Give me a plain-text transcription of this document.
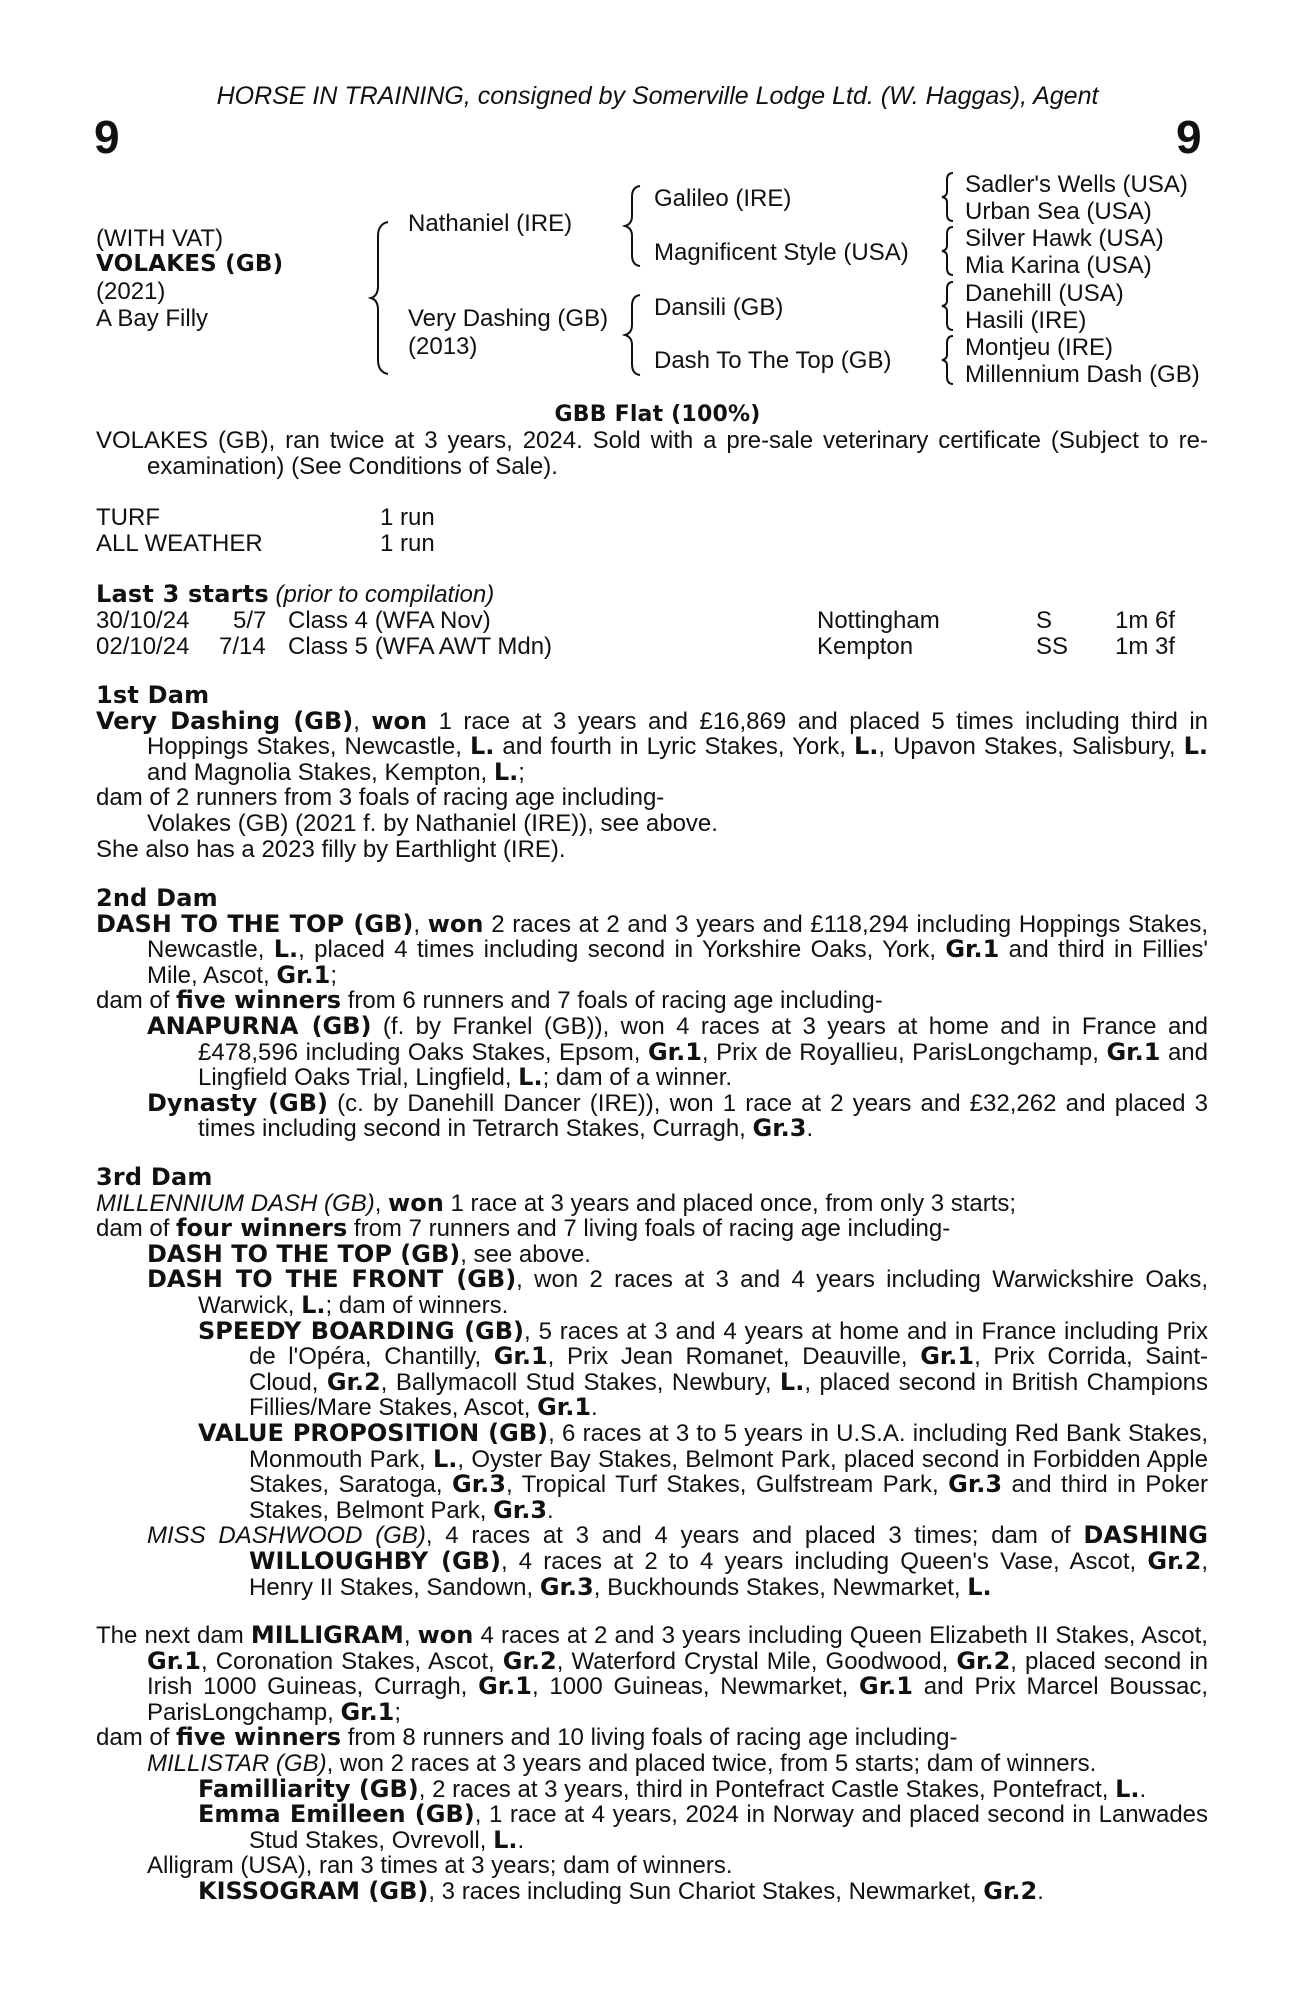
HORSE IN TRAINING, consigned by Somerville Lodge Ltd. (W. Haggas), Agent
9	9
(WITH VAT)
VOLAKES (GB)
(2021)
A Bay Filly
Nathaniel (IRE)
Very Dashing (GB)
(2013)
Galileo (IRE)
Magnificent Style (USA)
Dansili (GB)
Dash To The Top (GB)
Sadler's Wells (USA)
Urban Sea (USA)
Silver Hawk (USA)
Mia Karina (USA)
Danehill (USA)
Hasili (IRE)
Montjeu (IRE)
Millennium Dash (GB)
GBB Flat (100%)

VOLAKES (GB), ran twice at 3 years, 2024. Sold with a pre-sale veterinary certificate (Subject to re-examination) (See Conditions of Sale).

TURF	1 run
ALL WEATHER	1 run

Last 3 starts (prior to compilation)

30/10/24 5/7 Class 4 (WFA Nov)	Nottingham	S	1m 6f
02/10/24 7/14 Class 5 (WFA AWT Mdn)	Kempton	SS 1m 3f

1st Dam

Very Dashing (GB), won 1 race at 3 years and £16,869 and placed 5 times including third in Hoppings Stakes, Newcastle, L. and fourth in Lyric Stakes, York, L., Upavon Stakes, Salisbury, L. and Magnolia Stakes, Kempton, L.;

dam of 2 runners from 3 foals of racing age including-

Volakes (GB) (2021 f. by Nathaniel (IRE)), see above.

She also has a 2023 filly by Earthlight (IRE).

2nd Dam

DASH TO THE TOP (GB), won 2 races at 2 and 3 years and £118,294 including Hoppings Stakes, Newcastle, L., placed 4 times including second in Yorkshire Oaks, York, Gr.1 and third in Fillies' Mile, Ascot, Gr.1;

dam of five winners from 6 runners and 7 foals of racing age including-

ANAPURNA (GB) (f. by Frankel (GB)), won 4 races at 3 years at home and in France and £478,596 including Oaks Stakes, Epsom, Gr.1, Prix de Royallieu, ParisLongchamp, Gr.1 and Lingfield Oaks Trial, Lingfield, L.; dam of a winner.

Dynasty (GB) (c. by Danehill Dancer (IRE)), won 1 race at 2 years and £32,262 and placed 3 times including second in Tetrarch Stakes, Curragh, Gr.3.

3rd Dam

MILLENNIUM DASH (GB), won 1 race at 3 years and placed once, from only 3 starts;

dam of four winners from 7 runners and 7 living foals of racing age including-

DASH TO THE TOP (GB), see above.

DASH TO THE FRONT (GB), won 2 races at 3 and 4 years including Warwickshire Oaks, Warwick, L.; dam of winners.

SPEEDY BOARDING (GB), 5 races at 3 and 4 years at home and in France including Prix de l'Opéra, Chantilly, Gr.1, Prix Jean Romanet, Deauville, Gr.1, Prix Corrida, Saint-Cloud, Gr.2, Ballymacoll Stud Stakes, Newbury, L., placed second in British Champions Fillies/Mare Stakes, Ascot, Gr.1.

VALUE PROPOSITION (GB), 6 races at 3 to 5 years in U.S.A. including Red Bank Stakes, Monmouth Park, L., Oyster Bay Stakes, Belmont Park, placed second in Forbidden Apple Stakes, Saratoga, Gr.3, Tropical Turf Stakes, Gulfstream Park, Gr.3 and third in Poker Stakes, Belmont Park, Gr.3.

MISS DASHWOOD (GB), 4 races at 3 and 4 years and placed 3 times; dam of DASHING WILLOUGHBY (GB), 4 races at 2 to 4 years including Queen's Vase, Ascot, Gr.2, Henry II Stakes, Sandown, Gr.3, Buckhounds Stakes, Newmarket, L.

The next dam MILLIGRAM, won 4 races at 2 and 3 years including Queen Elizabeth II Stakes, Ascot, Gr.1, Coronation Stakes, Ascot, Gr.2, Waterford Crystal Mile, Goodwood, Gr.2, placed second in Irish 1000 Guineas, Curragh, Gr.1, 1000 Guineas, Newmarket, Gr.1 and Prix Marcel Boussac, ParisLongchamp, Gr.1;

dam of five winners from 8 runners and 10 living foals of racing age including-

MILLISTAR (GB), won 2 races at 3 years and placed twice, from 5 starts; dam of winners.

Familliarity (GB), 2 races at 3 years, third in Pontefract Castle Stakes, Pontefract, L..

Emma Emilleen (GB), 1 race at 4 years, 2024 in Norway and placed second in Lanwades Stud Stakes, Ovrevoll, L..

Alligram (USA), ran 3 times at 3 years; dam of winners.

KISSOGRAM (GB), 3 races including Sun Chariot Stakes, Newmarket, Gr.2.
